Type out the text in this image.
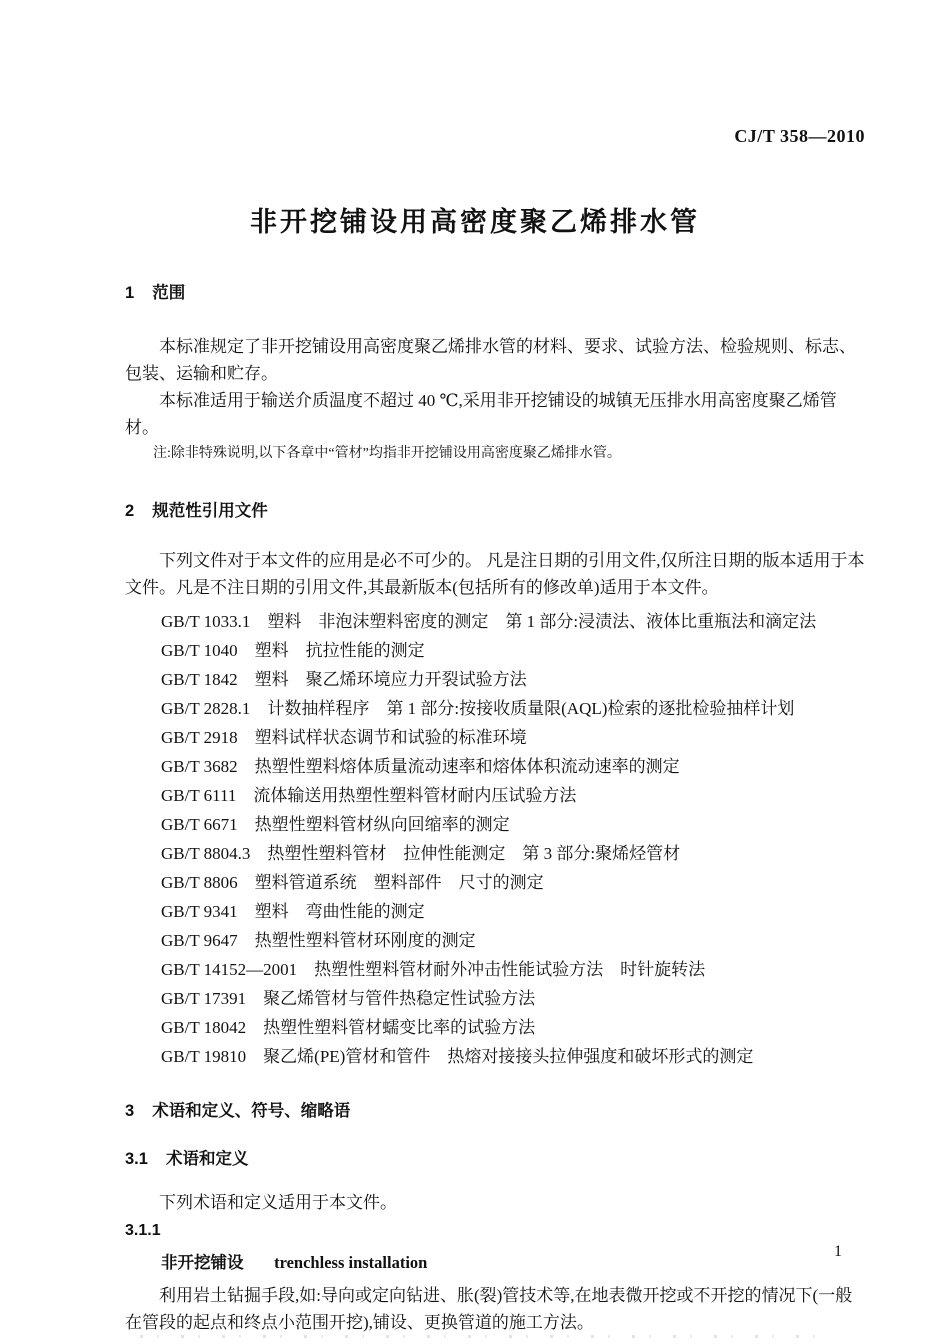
CJ/T 358—2010
非开挖铺设用高密度聚乙烯排水管
1 范围

本标准规定了非开挖铺设用高密度聚乙烯排水管的材料、要求、试验方法、检验规则、标志、包装、运输和贮存。

本标准适用于输送介质温度不超过 40 ℃,采用非开挖铺设的城镇无压排水用高密度聚乙烯管材。

注:除非特殊说明,以下各章中“管材”均指非开挖铺设用高密度聚乙烯排水管。

2 规范性引用文件

下列文件对于本文件的应用是必不可少的。 凡是注日期的引用文件,仅所注日期的版本适用于本文件。凡是不注日期的引用文件,其最新版本(包括所有的修改单)适用于本文件。

GB/T 1033.1　塑料　非泡沫塑料密度的测定　第 1 部分:浸渍法、液体比重瓶法和滴定法
GB/T 1040　塑料　抗拉性能的测定
GB/T 1842　塑料　聚乙烯环境应力开裂试验方法
GB/T 2828.1　计数抽样程序　第 1 部分:按接收质量限(AQL)检索的逐批检验抽样计划
GB/T 2918　塑料试样状态调节和试验的标准环境
GB/T 3682　热塑性塑料熔体质量流动速率和熔体体积流动速率的测定
GB/T 6111　流体输送用热塑性塑料管材耐内压试验方法
GB/T 6671　热塑性塑料管材纵向回缩率的测定
GB/T 8804.3　热塑性塑料管材　拉伸性能测定　第 3 部分:聚烯烃管材
GB/T 8806　塑料管道系统　塑料部件　尺寸的测定
GB/T 9341　塑料　弯曲性能的测定
GB/T 9647　热塑性塑料管材环刚度的测定
GB/T 14152—2001　热塑性塑料管材耐外冲击性能试验方法　时针旋转法
GB/T 17391　聚乙烯管材与管件热稳定性试验方法
GB/T 18042　热塑性塑料管材蠕变比率的试验方法
GB/T 19810　聚乙烯(PE)管材和管件　热熔对接接头拉伸强度和破坏形式的测定
3 术语和定义、符号、缩略语
3.1 术语和定义

下列术语和定义适用于本文件。

3.1.1
非开挖铺设 trenchless installation

利用岩土钻掘手段,如:导向或定向钻进、胀(裂)管技术等,在地表微开挖或不开挖的情况下(一般在管段的起点和终点小范围开挖),铺设、更换管道的施工方法。

1
